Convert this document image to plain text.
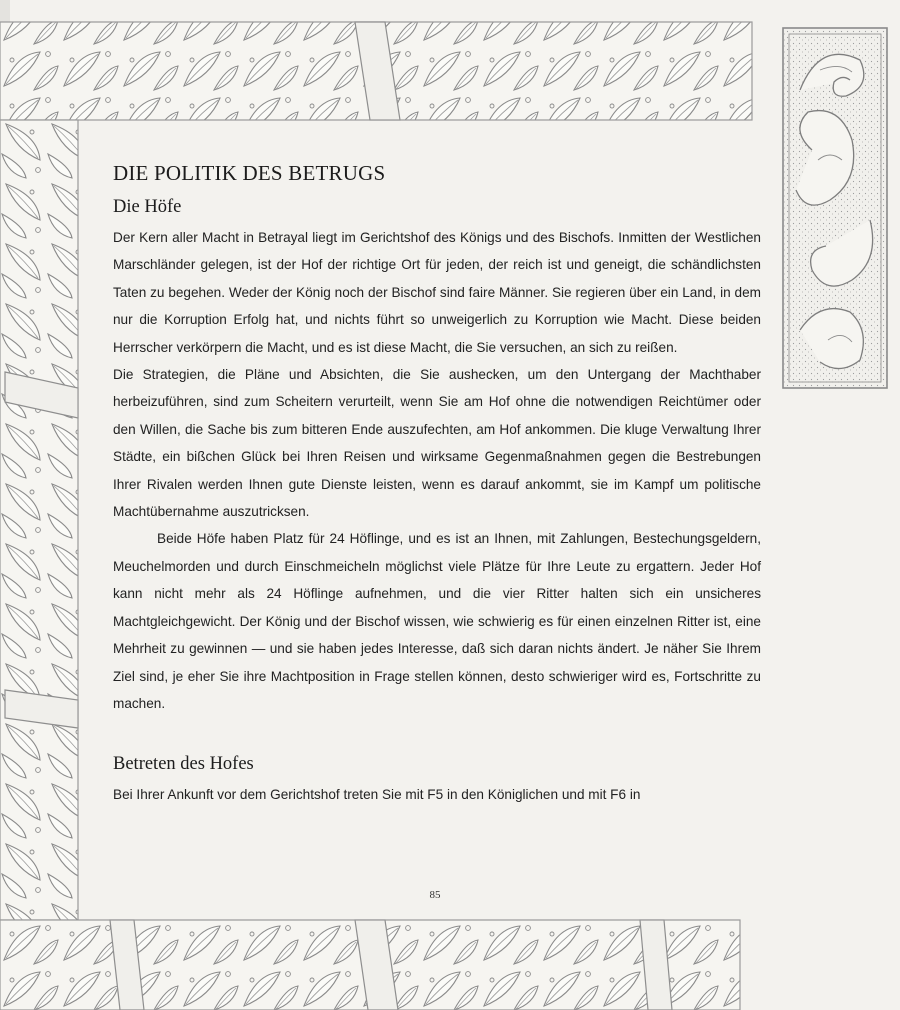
DIE POLITIK DES BETRUGS
Die Höfe

Der Kern aller Macht in Betrayal liegt im Gerichtshof des Königs und des Bischofs. Inmitten der Westlichen Marschländer gelegen, ist der Hof der richtige Ort für jeden, der reich ist und geneigt, die schändlichsten Taten zu begehen. Weder der König noch der Bischof sind faire Männer. Sie regieren über ein Land, in dem nur die Korruption Erfolg hat, und nichts führt so unweigerlich zu Korruption wie Macht. Diese beiden Herrscher verkörpern die Macht, und es ist diese Macht, die Sie versuchen, an sich zu reißen.

Die Strategien, die Pläne und Absichten, die Sie aushecken, um den Untergang der Machthaber herbeizuführen, sind zum Scheitern verurteilt, wenn Sie am Hof ohne die notwendigen Reichtümer oder den Willen, die Sache bis zum bitteren Ende auszufechten, am Hof ankommen. Die kluge Verwaltung Ihrer Städte, ein bißchen Glück bei Ihren Reisen und wirksame Gegenmaßnahmen gegen die Bestrebungen Ihrer Rivalen werden Ihnen gute Dienste leisten, wenn es darauf ankommt, sie im Kampf um politische Machtübernahme auszutricksen.

Beide Höfe haben Platz für 24 Höflinge, und es ist an Ihnen, mit Zahlungen, Bestechungsgeldern, Meuchelmorden und durch Einschmeicheln möglichst viele Plätze für Ihre Leute zu ergattern. Jeder Hof kann nicht mehr als 24 Höflinge aufnehmen, und die vier Ritter halten sich ein unsicheres Machtgleichgewicht. Der König und der Bischof wissen, wie schwierig es für einen einzelnen Ritter ist, eine Mehrheit zu gewinnen — und sie haben jedes Interesse, daß sich daran nichts ändert. Je näher Sie Ihrem Ziel sind, je eher Sie ihre Machtposition in Frage stellen können, desto schwieriger wird es, Fortschritte zu machen.

Betreten des Hofes

Bei Ihrer Ankunft vor dem Gerichtshof treten Sie mit F5 in den Königlichen und mit F6 in

85
